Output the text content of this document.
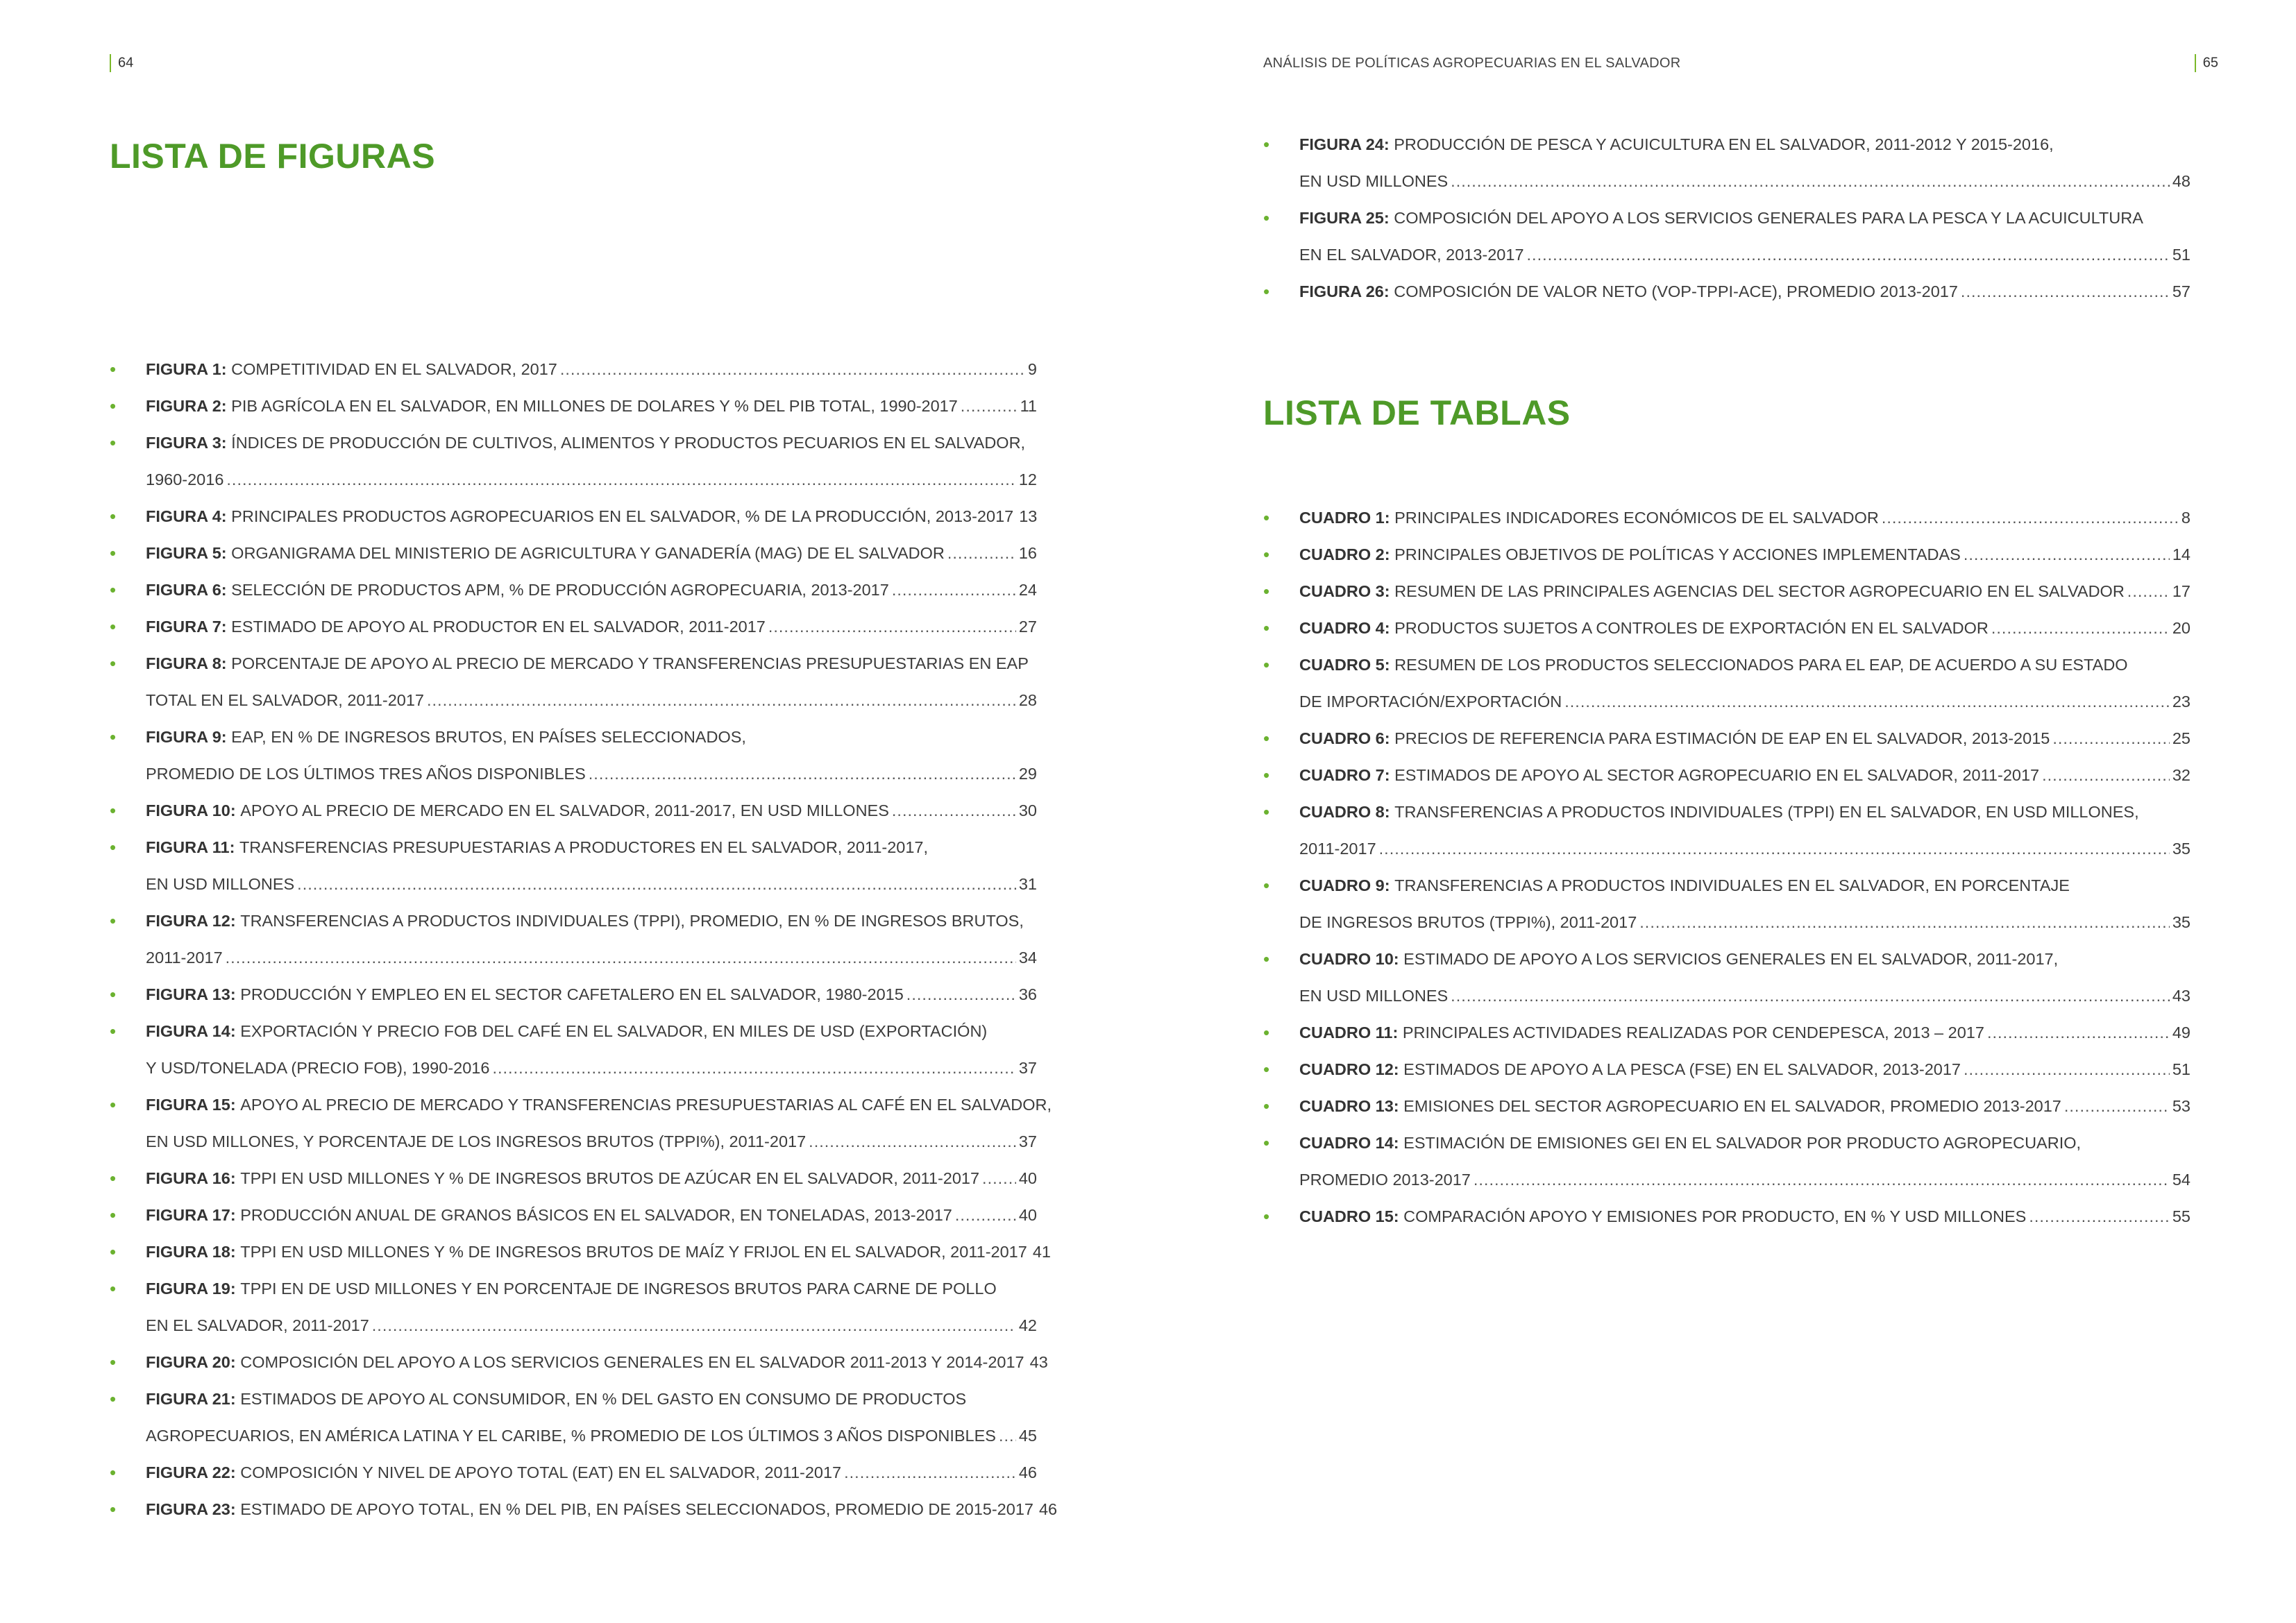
64
LISTA DE FIGURAS
•	FIGURA 1: COMPETITIVIDAD EN EL SALVADOR, 2017 .....	9
•	FIGURA 2: PIB AGRÍCOLA EN EL SALVADOR, EN MILLONES DE DOLARES Y % DEL PIB TOTAL, 1990-2017 .....	11
•	FIGURA 3: ÍNDICES DE PRODUCCIÓN DE CULTIVOS, ALIMENTOS Y PRODUCTOS PECUARIOS EN EL SALVADOR,
1960-2016 .....	12
•	FIGURA 4: PRINCIPALES PRODUCTOS AGROPECUARIOS EN EL SALVADOR, % DE LA PRODUCCIÓN, 2013-2017 13
•	FIGURA 5: ORGANIGRAMA DEL MINISTERIO DE AGRICULTURA Y GANADERÍA (MAG) DE EL SALVADOR .....	16
•	FIGURA 6: SELECCIÓN DE PRODUCTOS APM, % DE PRODUCCIÓN AGROPECUARIA, 2013-2017 .....	24
•	FIGURA 7: ESTIMADO DE APOYO AL PRODUCTOR EN EL SALVADOR, 2011-2017 .....	27
•	FIGURA 8: PORCENTAJE DE APOYO AL PRECIO DE MERCADO Y TRANSFERENCIAS PRESUPUESTARIAS EN EAP
TOTAL EN EL SALVADOR, 2011-2017 .....	28
•	FIGURA 9: EAP, EN % DE INGRESOS BRUTOS, EN PAÍSES SELECCIONADOS,
PROMEDIO DE LOS ÚLTIMOS TRES AÑOS DISPONIBLES .....	29
•	FIGURA 10: APOYO AL PRECIO DE MERCADO EN EL SALVADOR, 2011-2017, EN USD MILLONES .....	30
•	FIGURA 11: TRANSFERENCIAS PRESUPUESTARIAS A PRODUCTORES EN EL SALVADOR, 2011-2017,
EN USD MILLONES .....	31
•	FIGURA 12: TRANSFERENCIAS A PRODUCTOS INDIVIDUALES (TPPI), PROMEDIO, EN % DE INGRESOS BRUTOS,
2011-2017 .....	34
•	FIGURA 13: PRODUCCIÓN Y EMPLEO EN EL SECTOR CAFETALERO EN EL SALVADOR, 1980-2015 .....	36
•	FIGURA 14: EXPORTACIÓN Y PRECIO FOB DEL CAFÉ EN EL SALVADOR, EN MILES DE USD (EXPORTACIÓN)
Y USD/TONELADA (PRECIO FOB), 1990-2016 .....	37
•	FIGURA 15: APOYO AL PRECIO DE MERCADO Y TRANSFERENCIAS PRESUPUESTARIAS AL CAFÉ EN EL SALVADOR,
EN USD MILLONES, Y PORCENTAJE DE LOS INGRESOS BRUTOS (TPPI%), 2011-2017 .....	37
•	FIGURA 16: TPPI EN USD MILLONES Y % DE INGRESOS BRUTOS DE AZÚCAR EN EL SALVADOR, 2011-2017 ..... 40
•	FIGURA 17: PRODUCCIÓN ANUAL DE GRANOS BÁSICOS EN EL SALVADOR, EN TONELADAS, 2013-2017 .....	40
•	FIGURA 18: TPPI EN USD MILLONES Y % DE INGRESOS BRUTOS DE MAÍZ Y FRIJOL EN EL SALVADOR, 2011-2017 41
•	FIGURA 19: TPPI EN DE USD MILLONES Y EN PORCENTAJE DE INGRESOS BRUTOS PARA CARNE DE POLLO
EN EL SALVADOR, 2011-2017 .....	42
•	FIGURA 20: COMPOSICIÓN DEL APOYO A LOS SERVICIOS GENERALES EN EL SALVADOR 2011-2013 Y 2014-2017 43
•	FIGURA 21: ESTIMADOS DE APOYO AL CONSUMIDOR, EN % DEL GASTO EN CONSUMO DE PRODUCTOS
AGROPECUARIOS, EN AMÉRICA LATINA Y EL CARIBE, % PROMEDIO DE LOS ÚLTIMOS 3 AÑOS DISPONIBLES ..... 45
•	FIGURA 22: COMPOSICIÓN Y NIVEL DE APOYO TOTAL (EAT) EN EL SALVADOR, 2011-2017 .....	46
•	FIGURA 23: ESTIMADO DE APOYO TOTAL, EN % DEL PIB, EN PAÍSES SELECCIONADOS, PROMEDIO DE 2015-2017 46
ANÁLISIS DE POLÍTICAS AGROPECUARIAS EN EL SALVADOR	65
•	FIGURA 24: PRODUCCIÓN DE PESCA Y ACUICULTURA EN EL SALVADOR, 2011-2012 Y 2015-2016,
EN USD MILLONES .....	48
•	FIGURA 25: COMPOSICIÓN DEL APOYO A LOS SERVICIOS GENERALES PARA LA PESCA Y LA ACUICULTURA
EN EL SALVADOR, 2013-2017 .....	51
•	FIGURA 26: COMPOSICIÓN DE VALOR NETO (VOP-TPPI-ACE), PROMEDIO 2013-2017 .....	57
LISTA DE TABLAS
•	CUADRO 1: PRINCIPALES INDICADORES ECONÓMICOS DE EL SALVADOR .....	8
•	CUADRO 2: PRINCIPALES OBJETIVOS DE POLÍTICAS Y ACCIONES IMPLEMENTADAS .....	14
•	CUADRO 3: RESUMEN DE LAS PRINCIPALES AGENCIAS DEL SECTOR AGROPECUARIO EN EL SALVADOR .....	17
•	CUADRO 4: PRODUCTOS SUJETOS A CONTROLES DE EXPORTACIÓN EN EL SALVADOR .....	20
•	CUADRO 5: RESUMEN DE LOS PRODUCTOS SELECCIONADOS PARA EL EAP, DE ACUERDO A SU ESTADO
DE IMPORTACIÓN/EXPORTACIÓN .....	23
•	CUADRO 6: PRECIOS DE REFERENCIA PARA ESTIMACIÓN DE EAP EN EL SALVADOR, 2013-2015 .....	25
•	CUADRO 7: ESTIMADOS DE APOYO AL SECTOR AGROPECUARIO EN EL SALVADOR, 2011-2017 .....	32
•	CUADRO 8: TRANSFERENCIAS A PRODUCTOS INDIVIDUALES (TPPI) EN EL SALVADOR, EN USD MILLONES,
2011-2017 .....	35
•	CUADRO 9: TRANSFERENCIAS A PRODUCTOS INDIVIDUALES EN EL SALVADOR, EN PORCENTAJE
DE INGRESOS BRUTOS (TPPI%), 2011-2017 .....	35
•	CUADRO 10: ESTIMADO DE APOYO A LOS SERVICIOS GENERALES EN EL SALVADOR, 2011-2017,
EN USD MILLONES .....	43
•	CUADRO 11: PRINCIPALES ACTIVIDADES REALIZADAS POR CENDEPESCA, 2013 – 2017 .....	49
•	CUADRO 12: ESTIMADOS DE APOYO A LA PESCA (FSE) EN EL SALVADOR, 2013-2017 .....	51
•	CUADRO 13: EMISIONES DEL SECTOR AGROPECUARIO EN EL SALVADOR, PROMEDIO 2013-2017 .....	53
•	CUADRO 14: ESTIMACIÓN DE EMISIONES GEI EN EL SALVADOR POR PRODUCTO AGROPECUARIO,
PROMEDIO 2013-2017 .....	54
•	CUADRO 15: COMPARACIÓN APOYO Y EMISIONES POR PRODUCTO, EN % Y USD MILLONES .....	55
